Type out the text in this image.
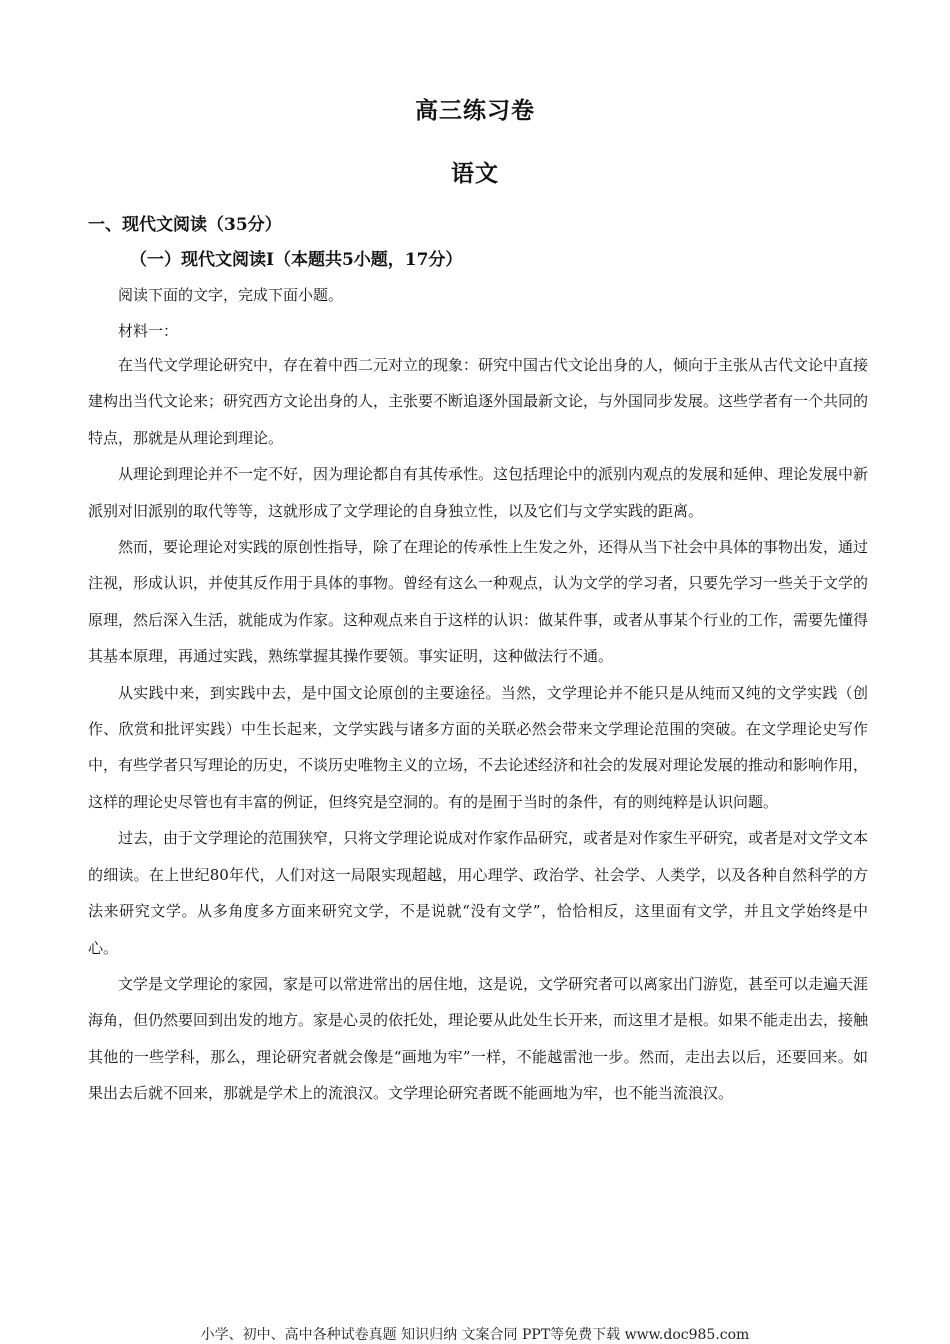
高三练习卷
语文
一、现代文阅读（35分）
（一）现代文阅读Ⅰ（本题共5小题，17分）
阅读下面的文字，完成下面小题。
材料一：

在当代文学理论研究中，存在着中西二元对立的现象：研究中国古代文论出身的人，倾向于主张从古代文论中直接建构出当代文论来；研究西方文论出身的人，主张要不断追逐外国最新文论，与外国同步发展。这些学者有一个共同的特点，那就是从理论到理论。

从理论到理论并不一定不好，因为理论都自有其传承性。这包括理论中的派别内观点的发展和延伸、理论发展中新派别对旧派别的取代等等，这就形成了文学理论的自身独立性，以及它们与文学实践的距离。

然而，要论理论对实践的原创性指导，除了在理论的传承性上生发之外，还得从当下社会中具体的事物出发，通过注视，形成认识，并使其反作用于具体的事物。曾经有这么一种观点，认为文学的学习者，只要先学习一些关于文学的原理，然后深入生活，就能成为作家。这种观点来自于这样的认识：做某件事，或者从事某个行业的工作，需要先懂得其基本原理，再通过实践，熟练掌握其操作要领。事实证明，这种做法行不通。

从实践中来，到实践中去，是中国文论原创的主要途径。当然，文学理论并不能只是从纯而又纯的文学实践（创作、欣赏和批评实践）中生长起来，文学实践与诸多方面的关联必然会带来文学理论范围的突破。在文学理论史写作中，有些学者只写理论的历史，不谈历史唯物主义的立场，不去论述经济和社会的发展对理论发展的推动和影响作用，这样的理论史尽管也有丰富的例证，但终究是空洞的。有的是囿于当时的条件，有的则纯粹是认识问题。

过去，由于文学理论的范围狭窄，只将文学理论说成对作家作品研究，或者是对作家生平研究，或者是对文学文本的细读。在上世纪80年代，人们对这一局限实现超越，用心理学、政治学、社会学、人类学，以及各种自然科学的方法来研究文学。从多角度多方面来研究文学，不是说就“没有文学”，恰恰相反，这里面有文学，并且文学始终是中心。

文学是文学理论的家园，家是可以常进常出的居住地，这是说，文学研究者可以离家出门游览，甚至可以走遍天涯海角，但仍然要回到出发的地方。家是心灵的依托处，理论要从此处生长开来，而这里才是根。如果不能走出去，接触其他的一些学科，那么，理论研究者就会像是“画地为牢”一样，不能越雷池一步。然而，走出去以后，还要回来。如果出去后就不回来，那就是学术上的流浪汉。文学理论研究者既不能画地为牢，也不能当流浪汉。

小学、初中、高中各种试卷真题 知识归纳 文案合同 PPT等免费下载 www.doc985.com
